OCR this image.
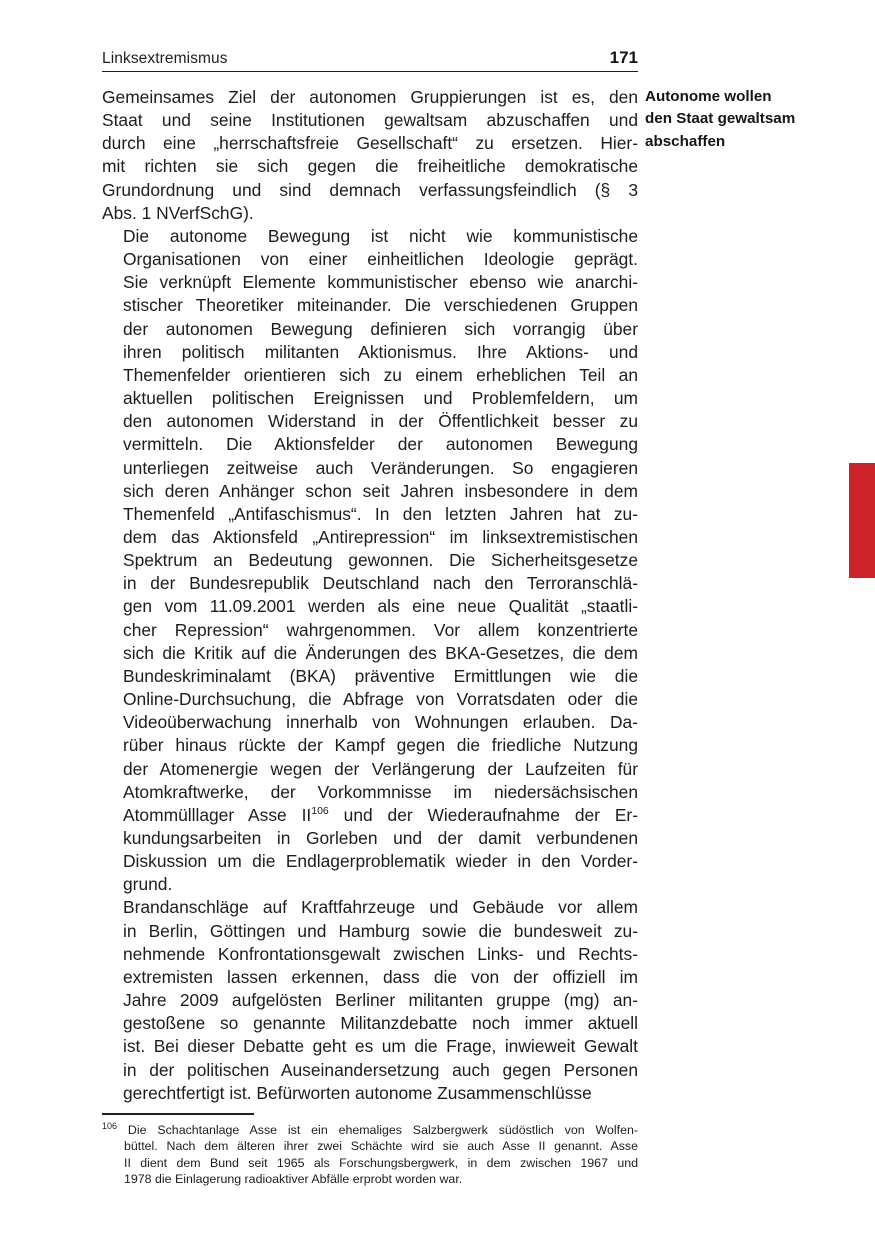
Linksextremismus	171

Gemeinsames Ziel der autonomen Gruppierungen ist es, den
Staat und seine Institutionen gewaltsam abzuschaffen und
durch eine „herrschaftsfreie Gesellschaft“ zu ersetzen. Hier-
mit richten sie sich gegen die freiheitliche demokratische
Grundordnung und sind demnach verfassungsfeindlich (§ 3
Abs. 1 NVerfSchG).

Die autonome Bewegung ist nicht wie kommunistische
Organisationen von einer einheitlichen Ideologie geprägt.
Sie verknüpft Elemente kommunistischer ebenso wie anarchi-
stischer Theoretiker miteinander. Die verschiedenen Gruppen
der autonomen Bewegung definieren sich vorrangig über
ihren politisch militanten Aktionismus. Ihre Aktions- und
Themenfelder orientieren sich zu einem erheblichen Teil an
aktuellen politischen Ereignissen und Problemfeldern, um
den autonomen Widerstand in der Öffentlichkeit besser zu
vermitteln. Die Aktionsfelder der autonomen Bewegung
unterliegen zeitweise auch Veränderungen. So engagieren
sich deren Anhänger schon seit Jahren insbesondere in dem
Themenfeld „Antifaschismus“. In den letzten Jahren hat zu-
dem das Aktionsfeld „Antirepression“ im linksextremistischen
Spektrum an Bedeutung gewonnen. Die Sicherheitsgesetze
in der Bundesrepublik Deutschland nach den Terroranschlä-
gen vom 11.09.2001 werden als eine neue Qualität „staatli-
cher Repression“ wahrgenommen. Vor allem konzentrierte
sich die Kritik auf die Änderungen des BKA-Gesetzes, die dem
Bundeskriminalamt (BKA) präventive Ermittlungen wie die
Online-Durchsuchung, die Abfrage von Vorratsdaten oder die
Videoüberwachung innerhalb von Wohnungen erlauben. Da-
rüber hinaus rückte der Kampf gegen die friedliche Nutzung
der Atomenergie wegen der Verlängerung der Laufzeiten für
Atomkraftwerke, der Vorkommnisse im niedersächsischen
Atommülllager Asse II$^{106}$ und der Wiederaufnahme der Er-
kundungsarbeiten in Gorleben und der damit verbundenen
Diskussion um die Endlagerproblematik wieder in den Vorder-
grund.

Brandanschläge auf Kraftfahrzeuge und Gebäude vor allem
in Berlin, Göttingen und Hamburg sowie die bundesweit zu-
nehmende Konfrontationsgewalt zwischen Links- und Rechts-
extremisten lassen erkennen, dass die von der offiziell im
Jahre 2009 aufgelösten Berliner militanten gruppe (mg) an-
gestoßene so genannte Militanzdebatte noch immer aktuell
ist. Bei dieser Debatte geht es um die Frage, inwieweit Gewalt
in der politischen Auseinandersetzung auch gegen Personen
gerechtfertigt ist. Befürworten autonome Zusammenschlüsse

Autonome wollen
den Staat gewaltsam
abschaffen
$^{106}$ Die Schachtanlage Asse ist ein ehemaliges Salzbergwerk südöstlich von Wolfen-
büttel. Nach dem älteren ihrer zwei Schächte wird sie auch Asse II genannt. Asse
II dient dem Bund seit 1965 als Forschungsbergwerk, in dem zwischen 1967 und
1978 die Einlagerung radioaktiver Abfälle erprobt worden war.
